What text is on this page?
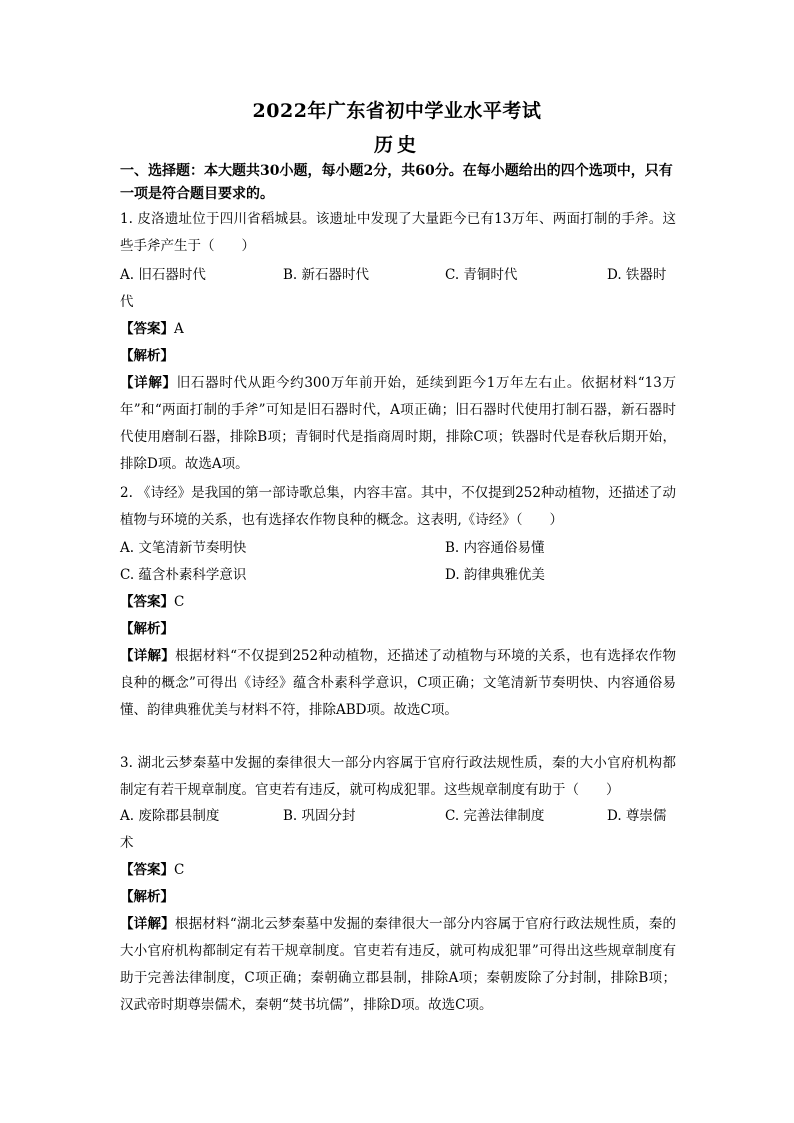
2022年广东省初中学业水平考试
历史
一、选择题：本大题共30小题，每小题2分，共60分。在每小题给出的四个选项中，只有一项是符合题目要求的。
1. 皮洛遗址位于四川省稻城县。该遗址中发现了大量距今已有13万年、两面打制的手斧。这些手斧产生于（　　）
A. 旧石器时代	B. 新石器时代	C. 青铜时代	D. 铁器时
代
【答案】A
【解析】
【详解】旧石器时代从距今约300万年前开始，延续到距今1万年左右止。依据材料“13万年”和“两面打制的手斧”可知是旧石器时代，A项正确；旧石器时代使用打制石器，新石器时代使用磨制石器，排除B项；青铜时代是指商周时期，排除C项；铁器时代是春秋后期开始，排除D项。故选A项。
2. 《诗经》是我国的第一部诗歌总集，内容丰富。其中，不仅提到252种动植物，还描述了动植物与环境的关系，也有选择农作物良种的概念。这表明,《诗经》（　　）
A. 文笔清新节奏明快	B. 内容通俗易懂
C. 蕴含朴素科学意识	D. 韵律典雅优美
【答案】C
【解析】
【详解】根据材料“不仅提到252种动植物，还描述了动植物与环境的关系，也有选择农作物良种的概念”可得出《诗经》蕴含朴素科学意识，C项正确；文笔清新节奏明快、内容通俗易懂、韵律典雅优美与材料不符，排除ABD项。故选C项。
3. 湖北云梦秦墓中发掘的秦律很大一部分内容属于官府行政法规性质，秦的大小官府机构都制定有若干规章制度。官吏若有违反，就可构成犯罪。这些规章制度有助于（　　）
A. 废除郡县制度	B. 巩固分封	C. 完善法律制度	D. 尊崇儒
术
【答案】C
【解析】
【详解】根据材料“湖北云梦秦墓中发掘的秦律很大一部分内容属于官府行政法规性质，秦的大小官府机构都制定有若干规章制度。官吏若有违反，就可构成犯罪”可得出这些规章制度有助于完善法律制度，C项正确；秦朝确立郡县制，排除A项；秦朝废除了分封制，排除B项；汉武帝时期尊崇儒术，秦朝“焚书坑儒”，排除D项。故选C项。
